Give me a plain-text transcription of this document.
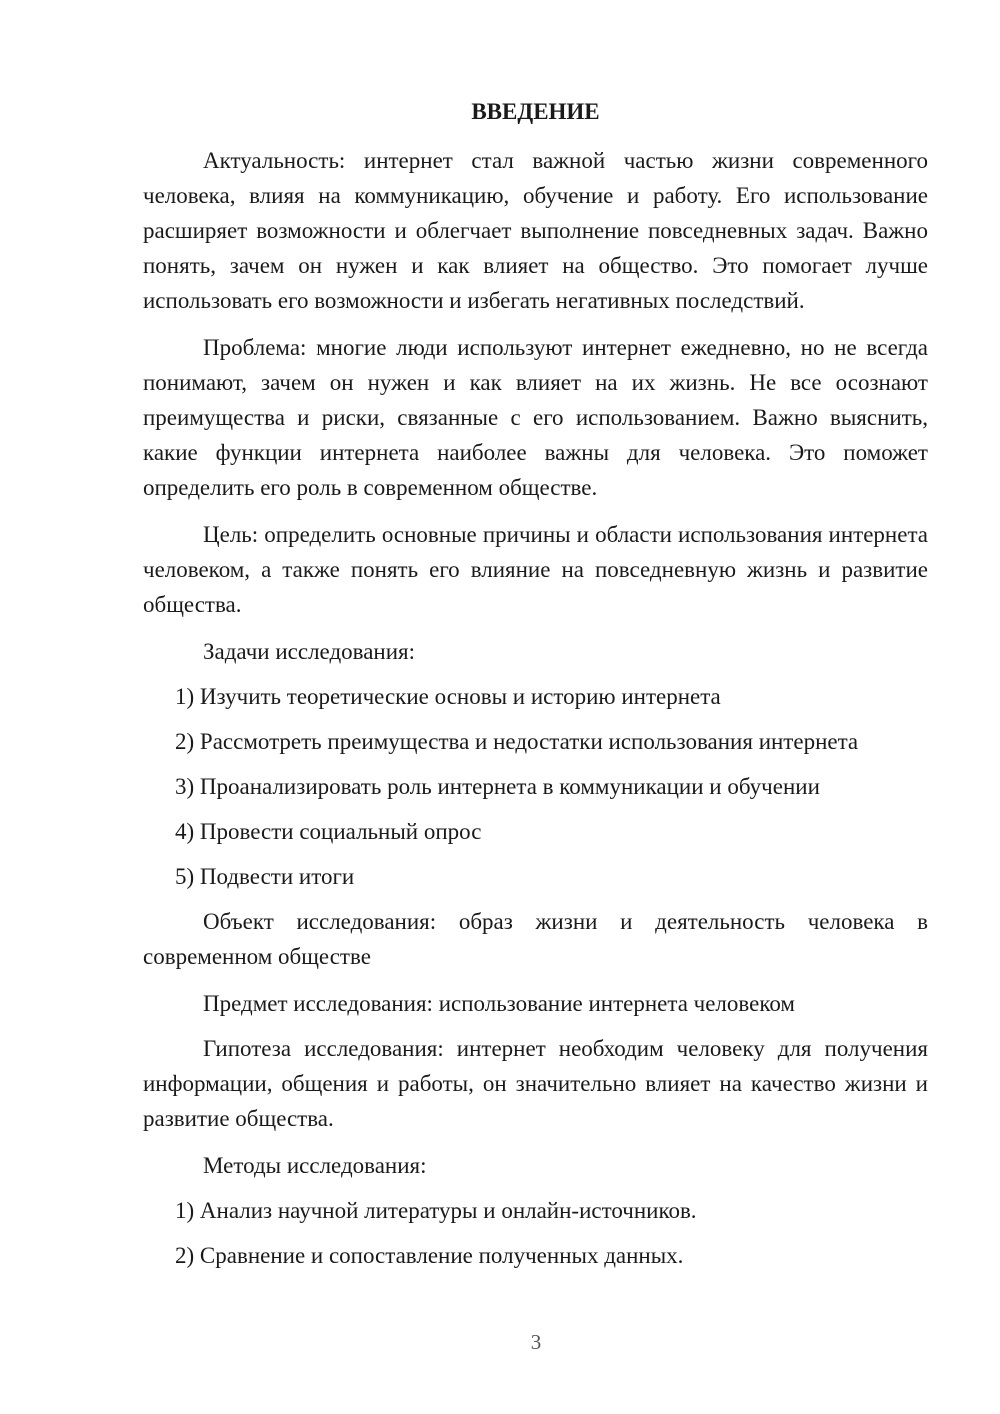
ВВЕДЕНИЕ

Актуальность: интернет стал важной частью жизни современного человека, влияя на коммуникацию, обучение и работу. Его использование расширяет возможности и облегчает выполнение повседневных задач. Важно понять, зачем он нужен и как влияет на общество. Это помогает лучше использовать его возможности и избегать негативных последствий.

Проблема: многие люди используют интернет ежедневно, но не всегда понимают, зачем он нужен и как влияет на их жизнь. Не все осознают преимущества и риски, связанные с его использованием. Важно выяснить, какие функции интернета наиболее важны для человека. Это поможет определить его роль в современном обществе.

Цель: определить основные причины и области использования интернета человеком, а также понять его влияние на повседневную жизнь и развитие общества.

Задачи исследования:

1) Изучить теоретические основы и историю интернета

2) Рассмотреть преимущества и недостатки использования интернета

3) Проанализировать роль интернета в коммуникации и обучении

4) Провести социальный опрос

5) Подвести итоги

Объект исследования: образ жизни и деятельность человека в современном обществе

Предмет исследования: использование интернета человеком

Гипотеза исследования: интернет необходим человеку для получения информации, общения и работы, он значительно влияет на качество жизни и развитие общества.

Методы исследования:

1) Анализ научной литературы и онлайн-источников.

2) Сравнение и сопоставление полученных данных.

3
